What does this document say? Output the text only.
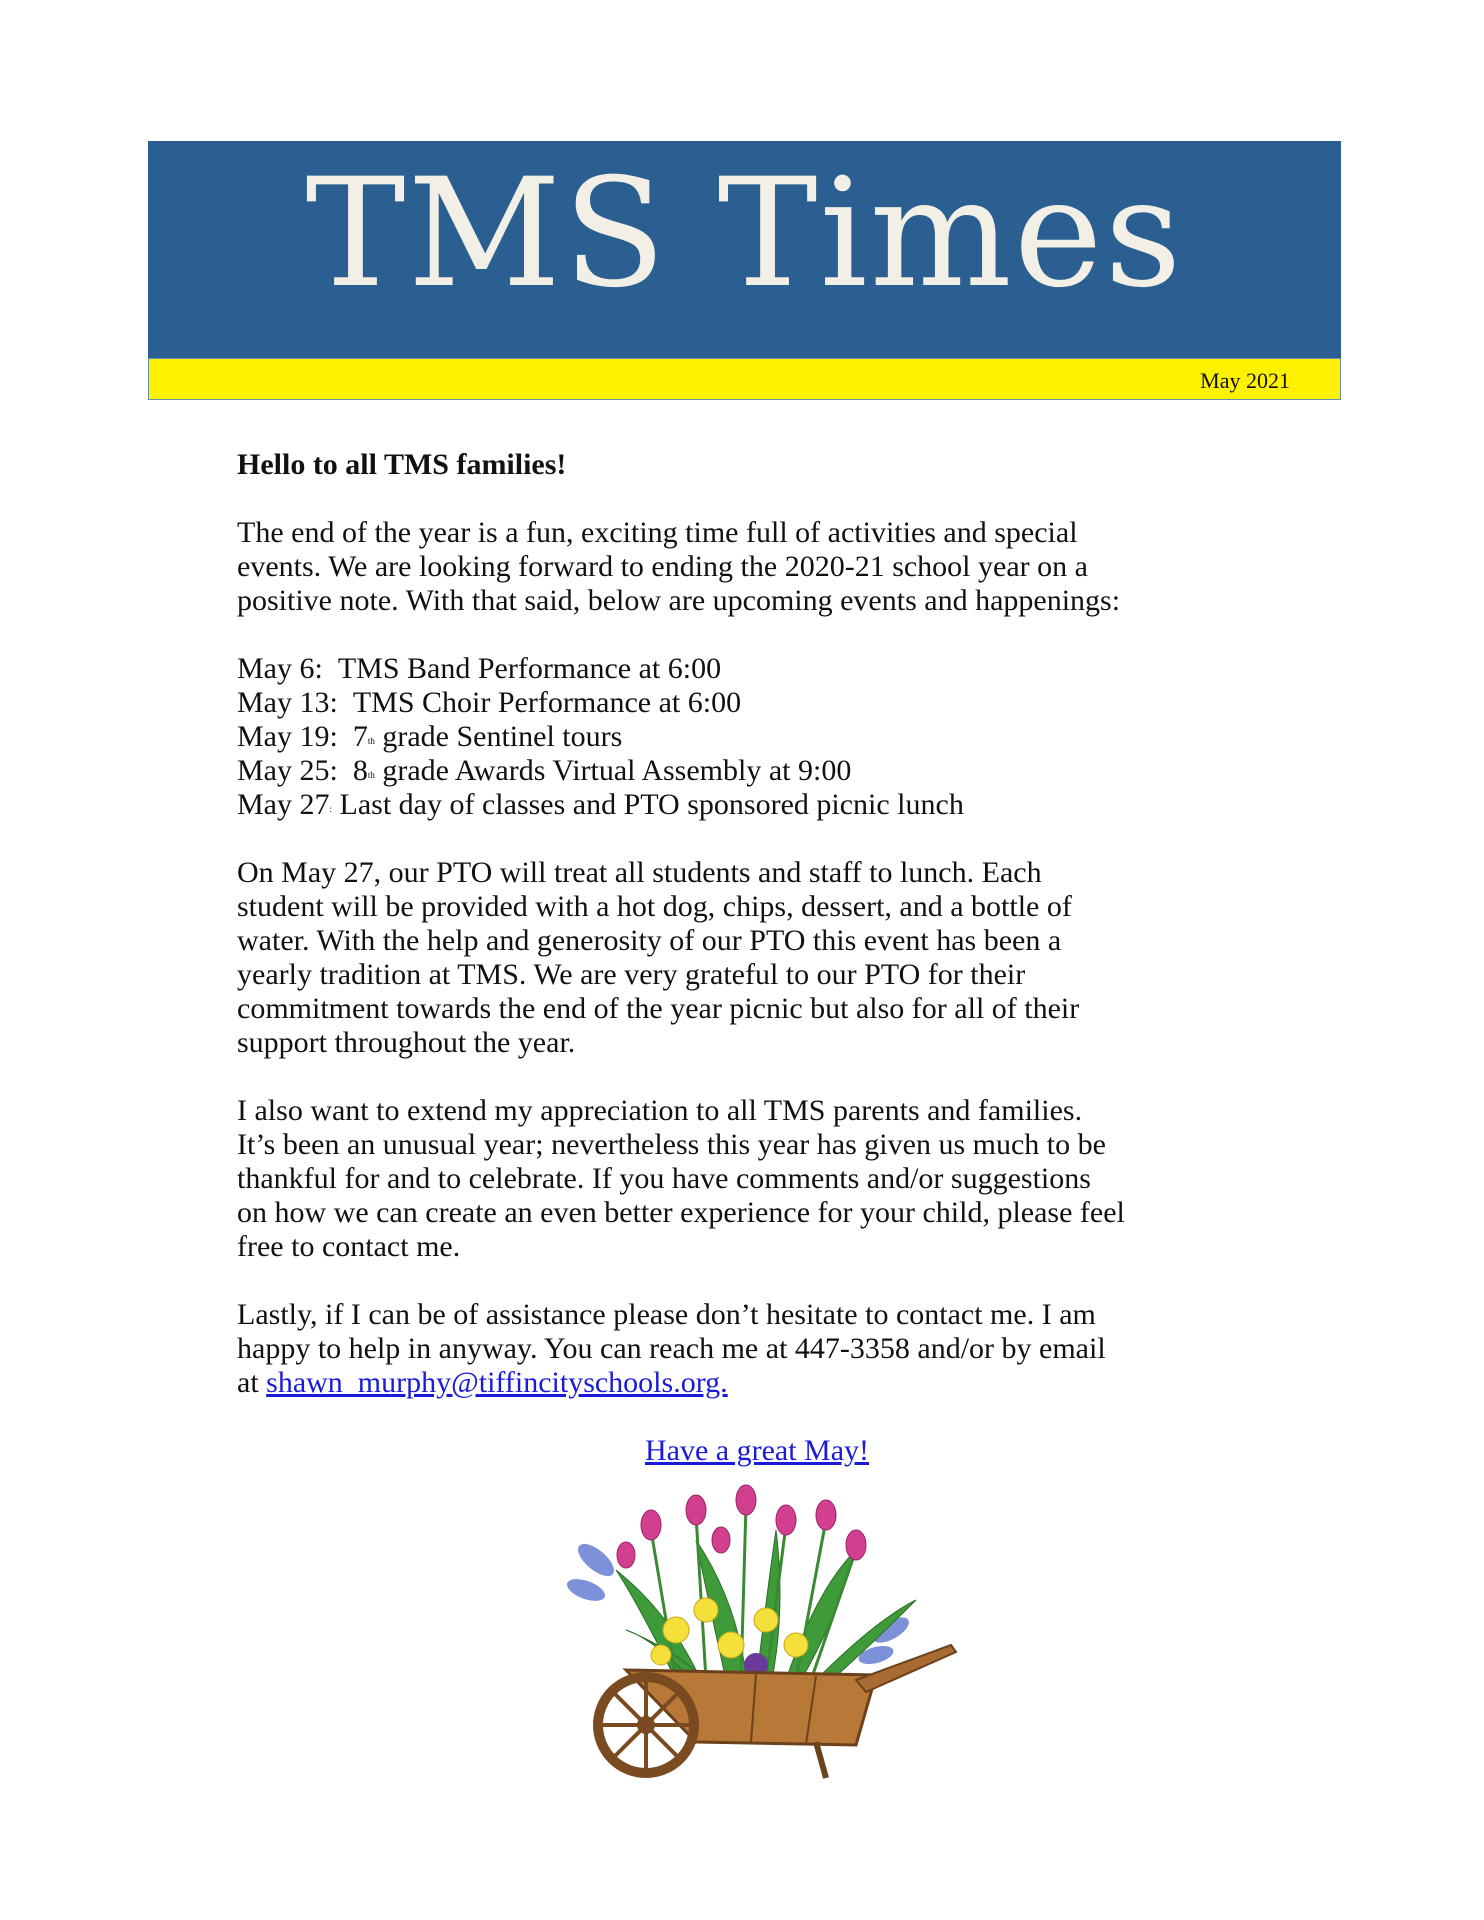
TMS Times
May 2021
Hello to all TMS families!

The end of the year is a fun, exciting time full of activities and special
events. We are looking forward to ending the 2020-21 school year on a
positive note. With that said, below are upcoming events and happenings:

May 6: TMS Band Performance at 6:00
May 13: TMS Choir Performance at 6:00
May 19: 7th grade Sentinel tours
May 25: 8th grade Awards Virtual Assembly at 9:00
May 27: Last day of classes and PTO sponsored picnic lunch

On May 27, our PTO will treat all students and staff to lunch. Each
student will be provided with a hot dog, chips, dessert, and a bottle of
water. With the help and generosity of our PTO this event has been a
yearly tradition at TMS. We are very grateful to our PTO for their
commitment towards the end of the year picnic but also for all of their
support throughout the year.

I also want to extend my appreciation to all TMS parents and families.
It’s been an unusual year; nevertheless this year has given us much to be
thankful for and to celebrate. If you have comments and/or suggestions
on how we can create an even better experience for your child, please feel
free to contact me.

Lastly, if I can be of assistance please don’t hesitate to contact me. I am
happy to help in anyway. You can reach me at 447-3358 and/or by email
at shawn_murphy@tiffincityschools.org.

Have a great May!
